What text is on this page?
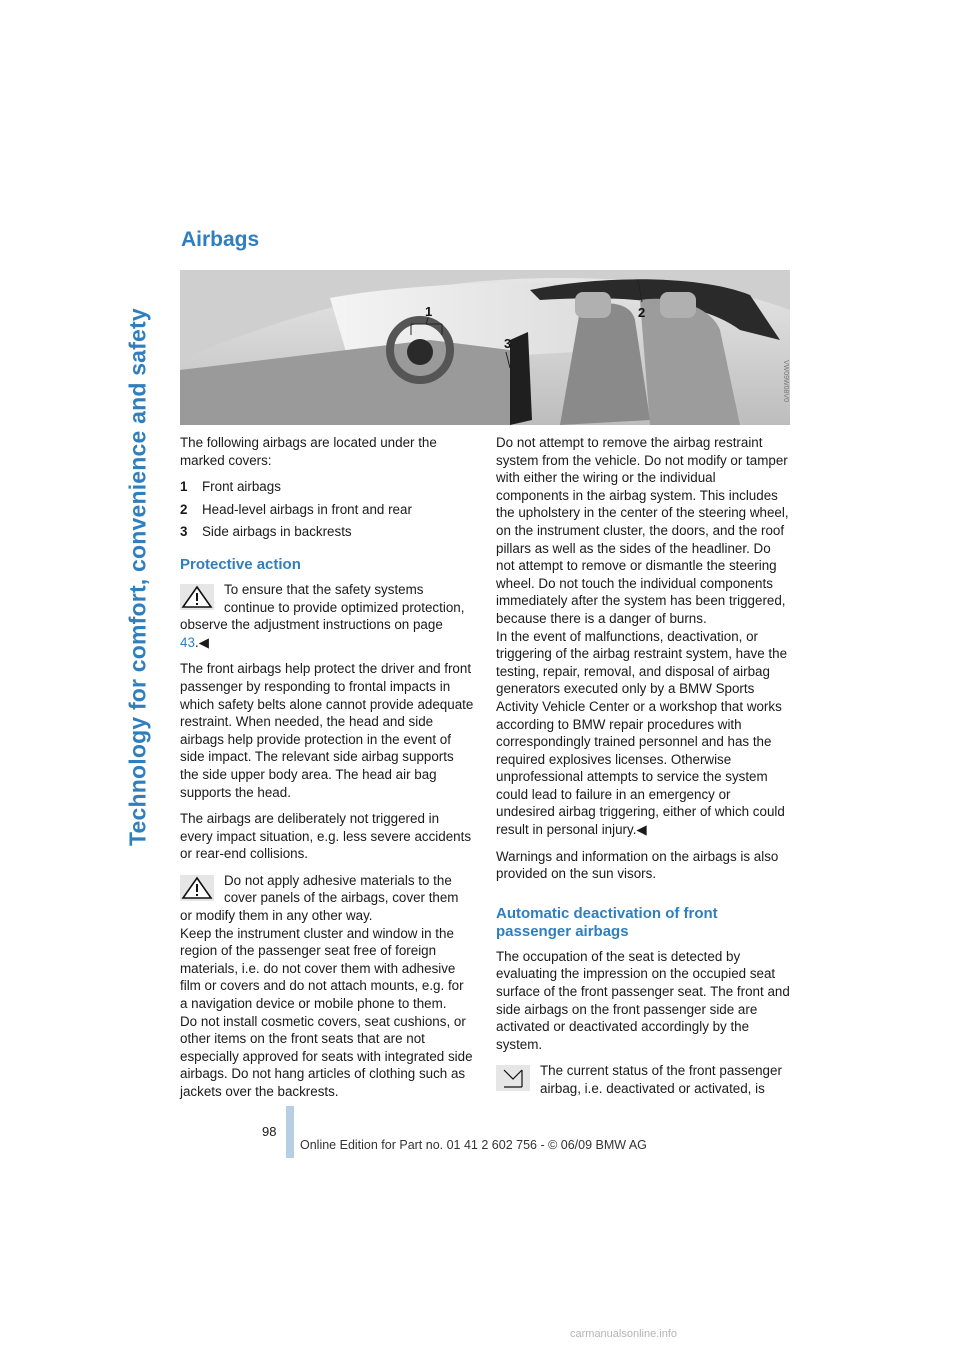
Technology for comfort, convenience and safety
Airbags
1	2
3
VW09W08V0

The following airbags are located under the marked covers:

1	Front airbags
2	Head-level airbags in front and rear
3	Side airbags in backrests
Protective action
To ensure that the safety systems continue to provide optimized protection, observe the adjustment instructions on page 43.◀

The front airbags help protect the driver and front passenger by responding to frontal impacts in which safety belts alone cannot provide adequate restraint. When needed, the head and side airbags help provide protection in the event of side impact. The relevant side airbag supports the side upper body area. The head air bag supports the head.

The airbags are deliberately not triggered in every impact situation, e.g. less severe accidents or rear-end collisions.

Do not apply adhesive materials to the cover panels of the airbags, cover them or modify them in any other way.
Keep the instrument cluster and window in the region of the passenger seat free of foreign materials, i.e. do not cover them with adhesive film or covers and do not attach mounts, e.g. for a navigation device or mobile phone to them.
Do not install cosmetic covers, seat cushions, or other items on the front seats that are not especially approved for seats with integrated side airbags. Do not hang articles of clothing such as jackets over the backrests.

Do not attempt to remove the airbag restraint system from the vehicle. Do not modify or tamper with either the wiring or the individual components in the airbag system. This includes the upholstery in the center of the steering wheel, on the instrument cluster, the doors, and the roof pillars as well as the sides of the headliner. Do not attempt to remove or dismantle the steering wheel. Do not touch the individual components immediately after the system has been triggered, because there is a danger of burns.

In the event of malfunctions, deactivation, or triggering of the airbag restraint system, have the testing, repair, removal, and disposal of airbag generators executed only by a BMW Sports Activity Vehicle Center or a workshop that works according to BMW repair procedures with correspondingly trained personnel and has the required explosives licenses. Otherwise unprofessional attempts to service the system could lead to failure in an emergency or undesired airbag triggering, either of which could result in personal injury.◀

Warnings and information on the airbags is also provided on the sun visors.

Automatic deactivation of front passenger airbags

The occupation of the seat is detected by evaluating the impression on the occupied seat surface of the front passenger seat. The front and side airbags on the front passenger side are activated or deactivated accordingly by the system.

The current status of the front passenger airbag, i.e. deactivated or activated, is
98
Online Edition for Part no. 01 41 2 602 756 - © 06/09 BMW AG
carmanualsonline.info
